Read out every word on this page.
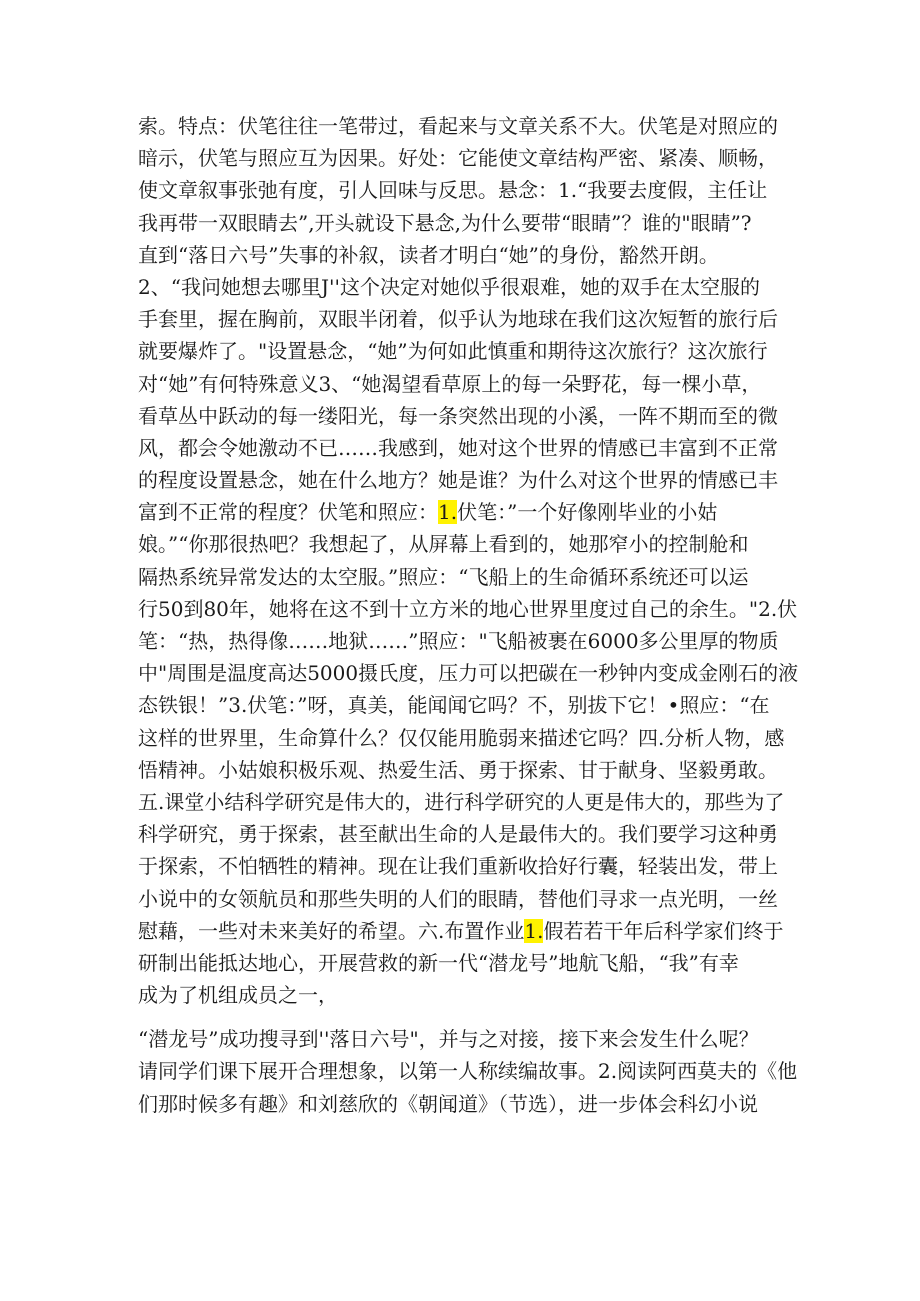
索。特点：伏笔往往一笔带过，看起来与文章关系不大。伏笔是对照应的
暗示，伏笔与照应互为因果。好处：它能使文章结构严密、紧凑、顺畅，
使文章叙事张弛有度，引人回味与反思。悬念：1.“我要去度假，主任让
我再带一双眼睛去”,开头就设下悬念,为什么要带“眼睛”？谁的"眼睛”?
直到“落日六号”失事的补叙，读者才明白“她”的身份，豁然开朗。
2、“我问她想去哪里J''这个决定对她似乎很艰难，她的双手在太空服的
手套里，握在胸前，双眼半闭着，似乎认为地球在我们这次短暂的旅行后
就要爆炸了。"设置悬念，“她”为何如此慎重和期待这次旅行？这次旅行
对“她”有何特殊意义3、“她渴望看草原上的每一朵野花，每一棵小草，
看草丛中跃动的每一缕阳光，每一条突然出现的小溪，一阵不期而至的微
风，都会令她激动不已……我感到，她对这个世界的情感已丰富到不正常
的程度设置悬念，她在什么地方？她是谁？为什么对这个世界的情感已丰
富到不正常的程度？伏笔和照应：1.伏笔：”一个好像刚毕业的小姑
娘。”“你那很热吧？我想起了，从屏幕上看到的，她那窄小的控制舱和
隔热系统异常发达的太空服。”照应：“飞船上的生命循环系统还可以运
行50到80年，她将在这不到十立方米的地心世界里度过自己的余生。"2.伏
笔：“热，热得像……地狱……”照应："飞船被裹在6000多公里厚的物质
中"周围是温度高达5000摄氏度，压力可以把碳在一秒钟内变成金刚石的液
态铁银！”3.伏笔：”呀，真美，能闻闻它吗？不，别拔下它！•照应：“在
这样的世界里，生命算什么？仅仅能用脆弱来描述它吗？四.分析人物，感
悟精神。小姑娘积极乐观、热爱生活、勇于探索、甘于献身、坚毅勇敢。
五.课堂小结科学研究是伟大的，进行科学研究的人更是伟大的，那些为了
科学研究，勇于探索，甚至献出生命的人是最伟大的。我们要学习这种勇
于探索，不怕牺牲的精神。现在让我们重新收拾好行囊，轻装出发，带上
小说中的女领航员和那些失明的人们的眼睛，替他们寻求一点光明，一丝
慰藉，一些对未来美好的希望。六.布置作业1.假若若干年后科学家们终于
研制出能抵达地心，开展营救的新一代“潜龙号”地航飞船，“我”有幸
成为了机组成员之一，
“潜龙号”成功搜寻到''落日六号"，并与之对接，接下来会发生什么呢？
请同学们课下展开合理想象，以第一人称续编故事。2.阅读阿西莫夫的《他
们那时候多有趣》和刘慈欣的《朝闻道》（节选），进一步体会科幻小说
